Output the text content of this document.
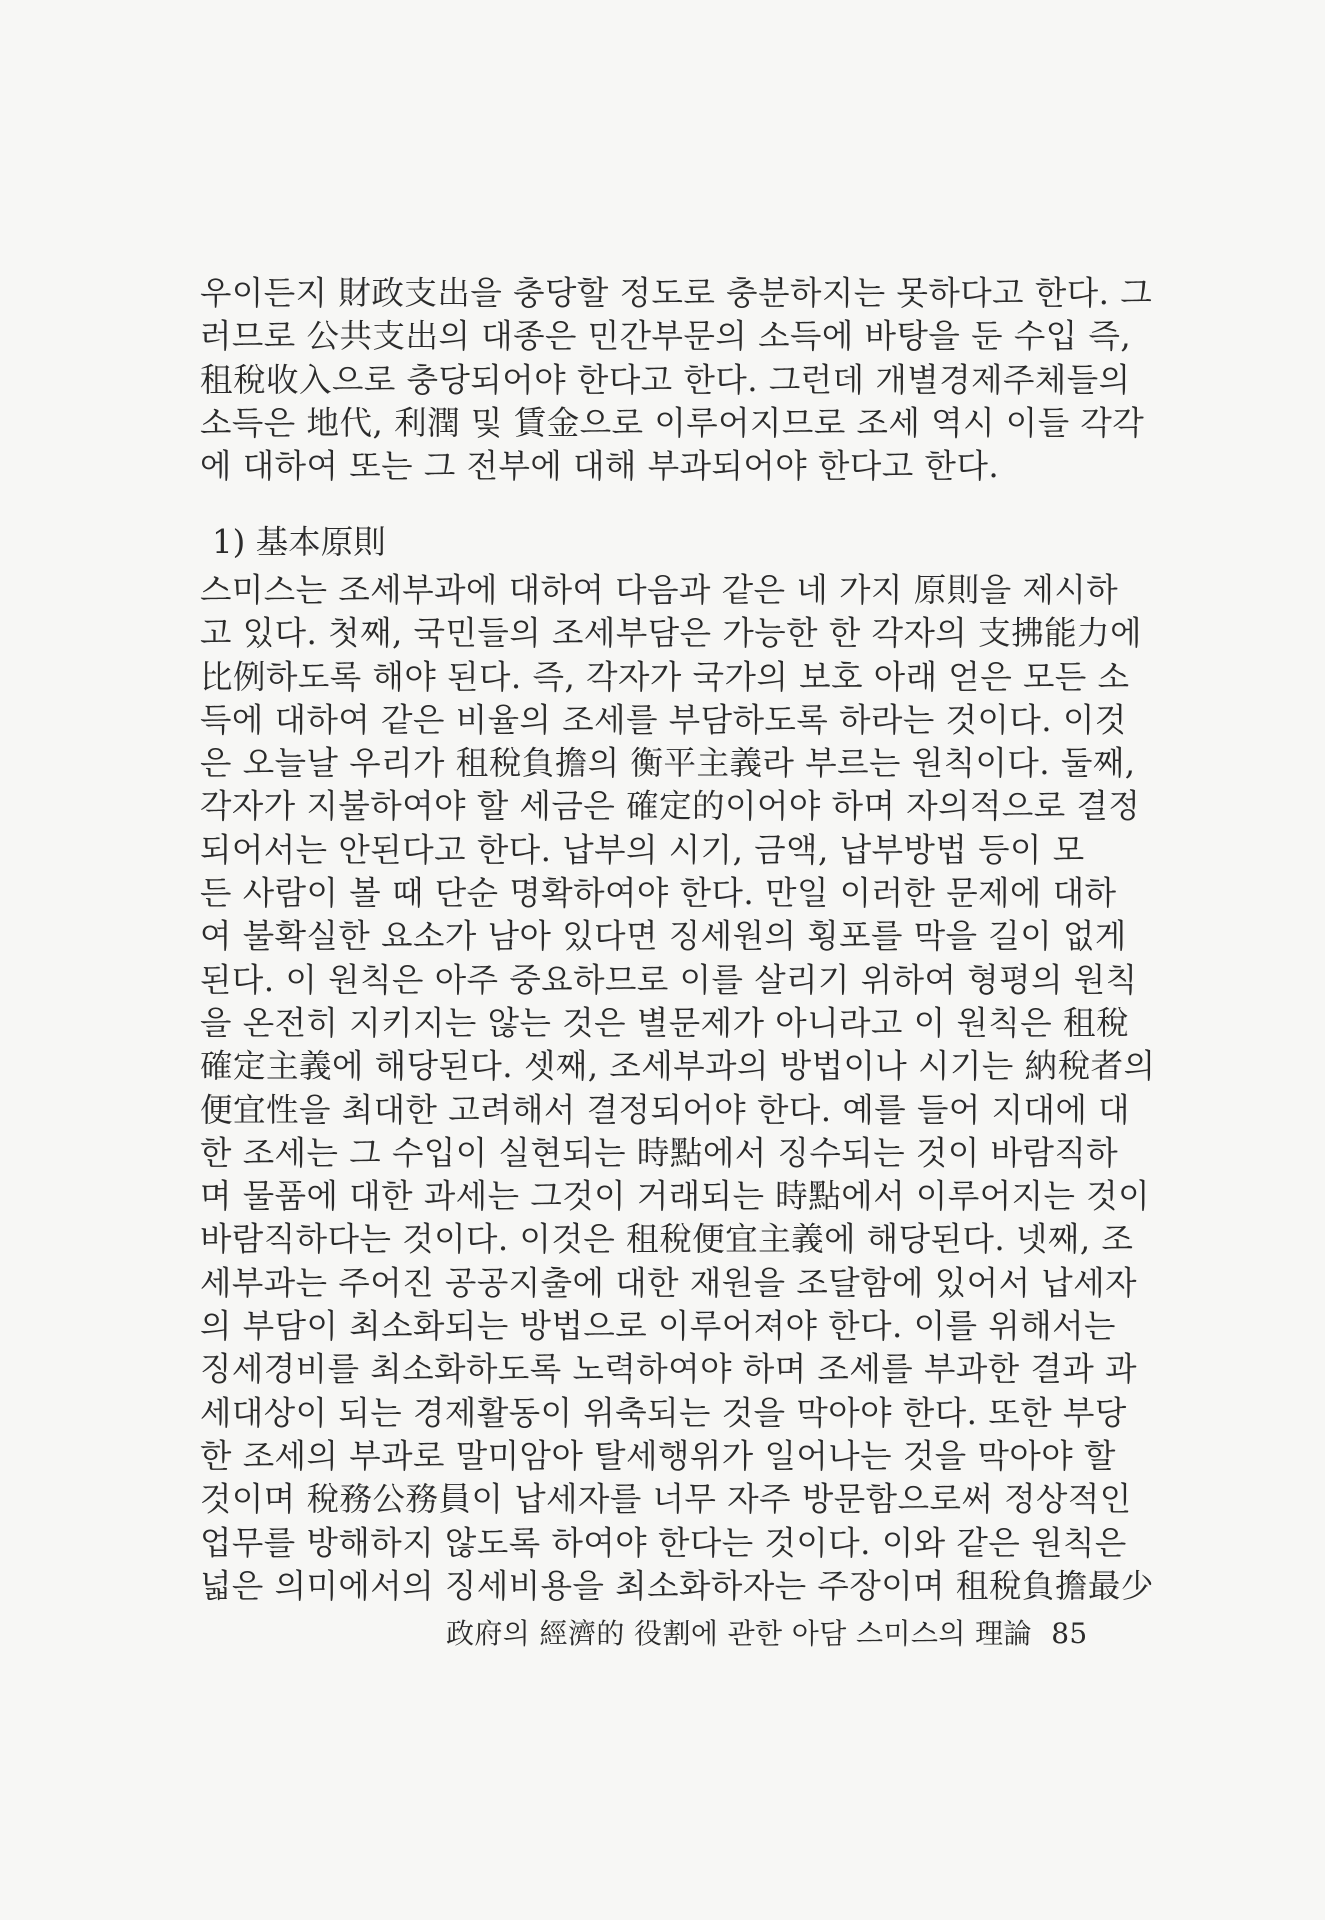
우이든지 財政支出을 충당할 정도로 충분하지는 못하다고 한다. 그
러므로 公共支出의 대종은 민간부문의 소득에 바탕을 둔 수입 즉,
租稅收入으로 충당되어야 한다고 한다. 그런데 개별경제주체들의
소득은 地代, 利潤 및 賃金으로 이루어지므로 조세 역시 이들 각각
에 대하여 또는 그 전부에 대해 부과되어야 한다고 한다.
1) 基本原則
스미스는 조세부과에 대하여 다음과 같은 네 가지 原則을 제시하
고 있다. 첫째, 국민들의 조세부담은 가능한 한 각자의 支拂能力에
比例하도록 해야 된다. 즉, 각자가 국가의 보호 아래 얻은 모든 소
득에 대하여 같은 비율의 조세를 부담하도록 하라는 것이다. 이것
은 오늘날 우리가 租稅負擔의 衡平主義라 부르는 원칙이다. 둘째,
각자가 지불하여야 할 세금은 確定的이어야 하며 자의적으로 결정
되어서는 안된다고 한다. 납부의 시기, 금액, 납부방법 등이 모
든 사람이 볼 때 단순 명확하여야 한다. 만일 이러한 문제에 대하
여 불확실한 요소가 남아 있다면 징세원의 횡포를 막을 길이 없게
된다. 이 원칙은 아주 중요하므로 이를 살리기 위하여 형평의 원칙
을 온전히 지키지는 않는 것은 별문제가 아니라고 이 원칙은 租稅
確定主義에 해당된다. 셋째, 조세부과의 방법이나 시기는 納稅者의
便宜性을 최대한 고려해서 결정되어야 한다. 예를 들어 지대에 대
한 조세는 그 수입이 실현되는 時點에서 징수되는 것이 바람직하
며 물품에 대한 과세는 그것이 거래되는 時點에서 이루어지는 것이
바람직하다는 것이다. 이것은 租稅便宜主義에 해당된다. 넷째, 조
세부과는 주어진 공공지출에 대한 재원을 조달함에 있어서 납세자
의 부담이 최소화되는 방법으로 이루어져야 한다. 이를 위해서는
징세경비를 최소화하도록 노력하여야 하며 조세를 부과한 결과 과
세대상이 되는 경제활동이 위축되는 것을 막아야 한다. 또한 부당
한 조세의 부과로 말미암아 탈세행위가 일어나는 것을 막아야 할
것이며 稅務公務員이 납세자를 너무 자주 방문함으로써 정상적인
업무를 방해하지 않도록 하여야 한다는 것이다. 이와 같은 원칙은
넓은 의미에서의 징세비용을 최소화하자는 주장이며 租稅負擔最少
政府의 經濟的 役割에 관한 아담 스미스의 理論 85
